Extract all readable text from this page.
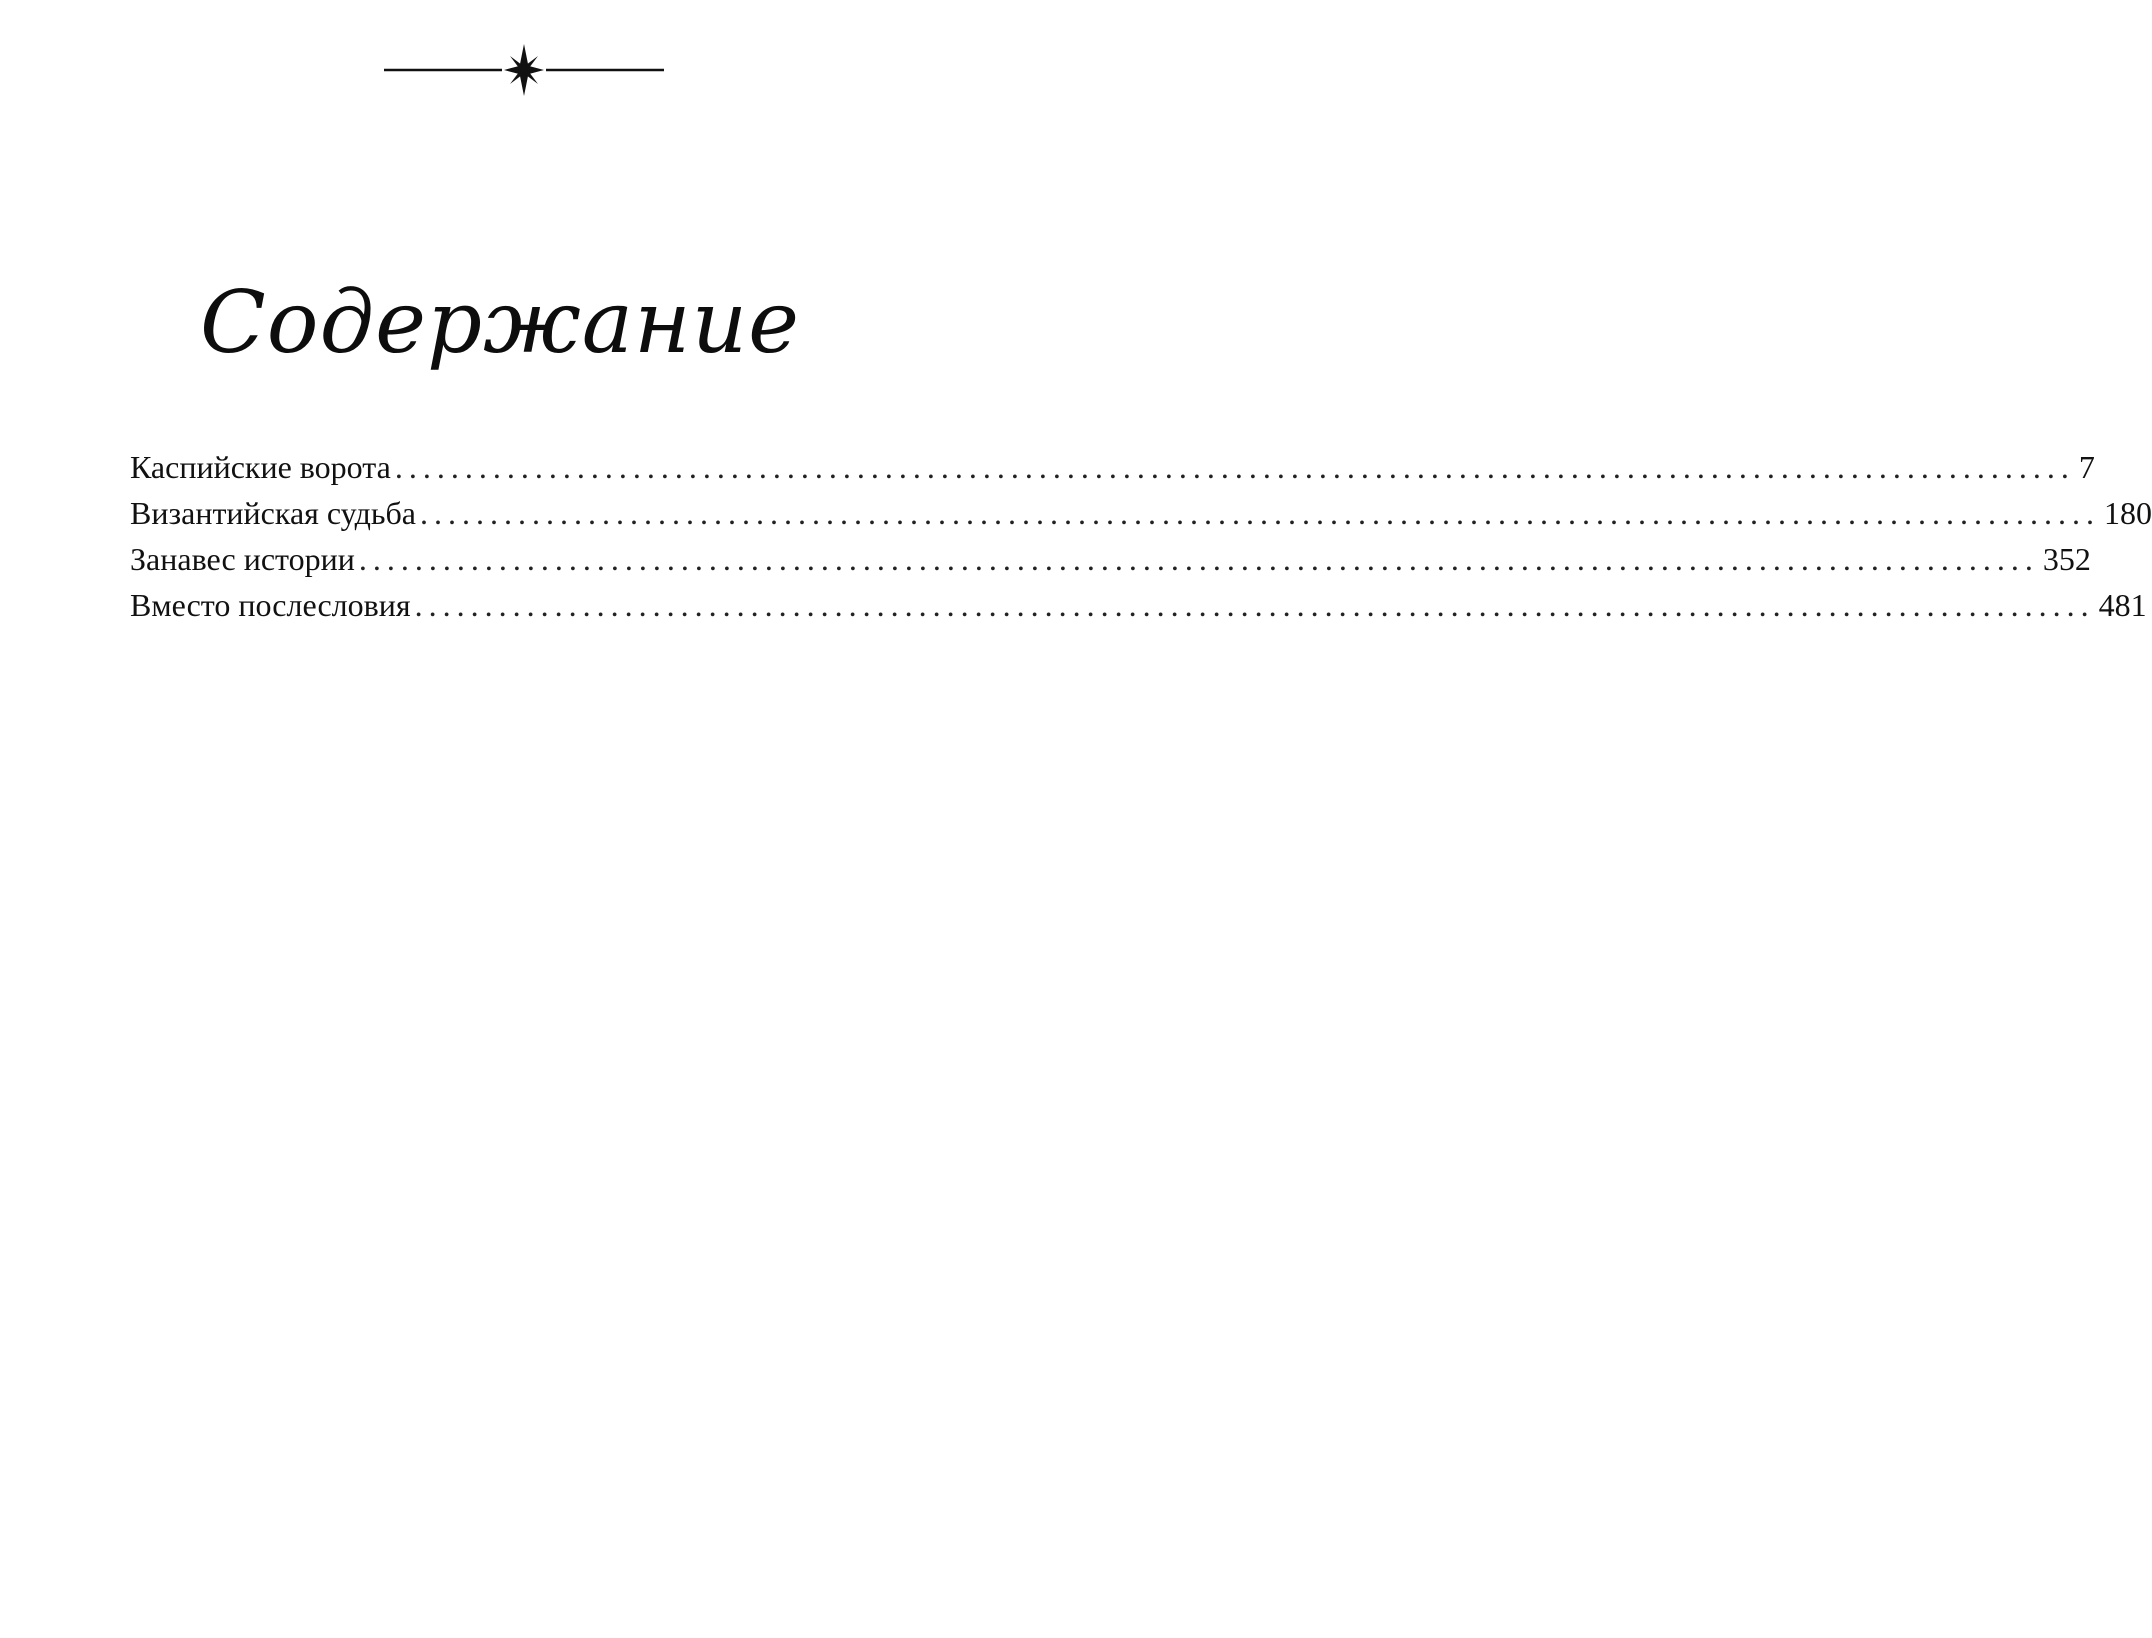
Содержание
Каспийские ворота ........................................................................................................................ 7
Византийская судьба ........................................................................................................................ 180
Занавес истории ........................................................................................................................ 352
Вместо послесловия ........................................................................................................................ 481
